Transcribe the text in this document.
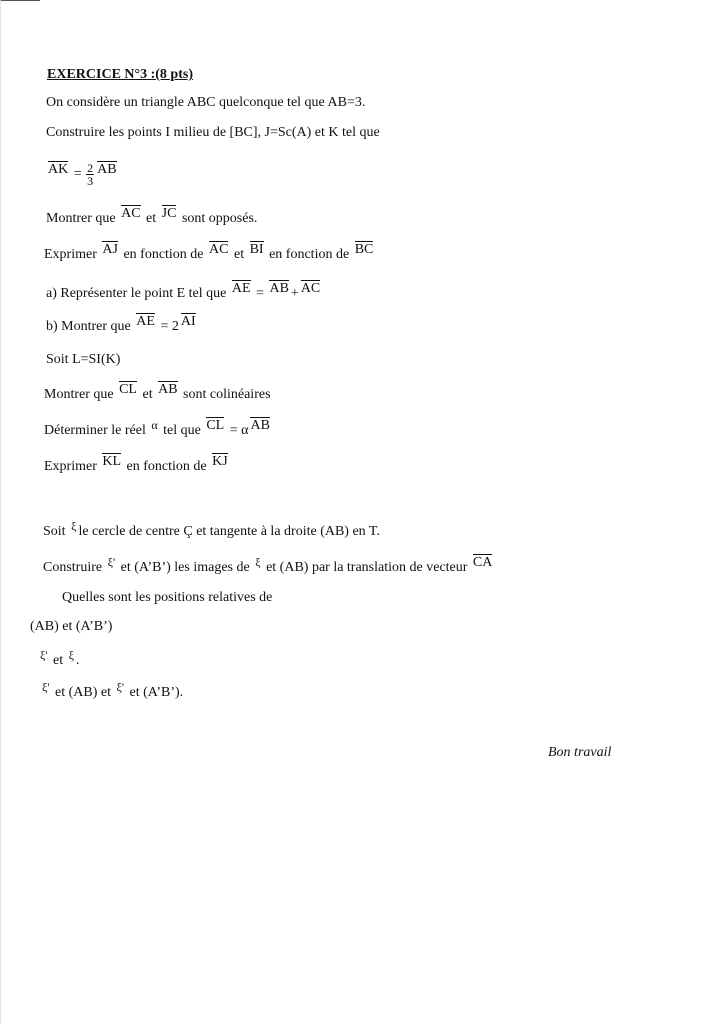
EXERCICE N°3 :(8 pts)
On considère un triangle ABC quelconque tel que AB=3.
Construire les points I milieu de [BC], J=Sc(A) et K tel que
AK = $\frac{2}{3}$ AB
Montrer que AC et JC sont opposés.
Exprimer AJ en fonction de AC et BI en fonction de BC
a) Représenter le point E tel que AE = AB + AC
b) Montrer que AE = 2 AI
Soit L=SI(K)
Montrer que CL et AB sont colinéaires
Déterminer le réel α tel que CL = α AB
Exprimer KL en fonction de KJ
Soit ξ le cercle de centre Ç et tangente à la droite (AB) en T.
Construire ξ' et (A’B’) les images de ξ et (AB) par la translation de vecteur CA
Quelles sont les positions relatives de
(AB) et (A’B’)
ξ' et ξ .
ξ' et (AB) et ξ' et (A’B’).
Bon travail
